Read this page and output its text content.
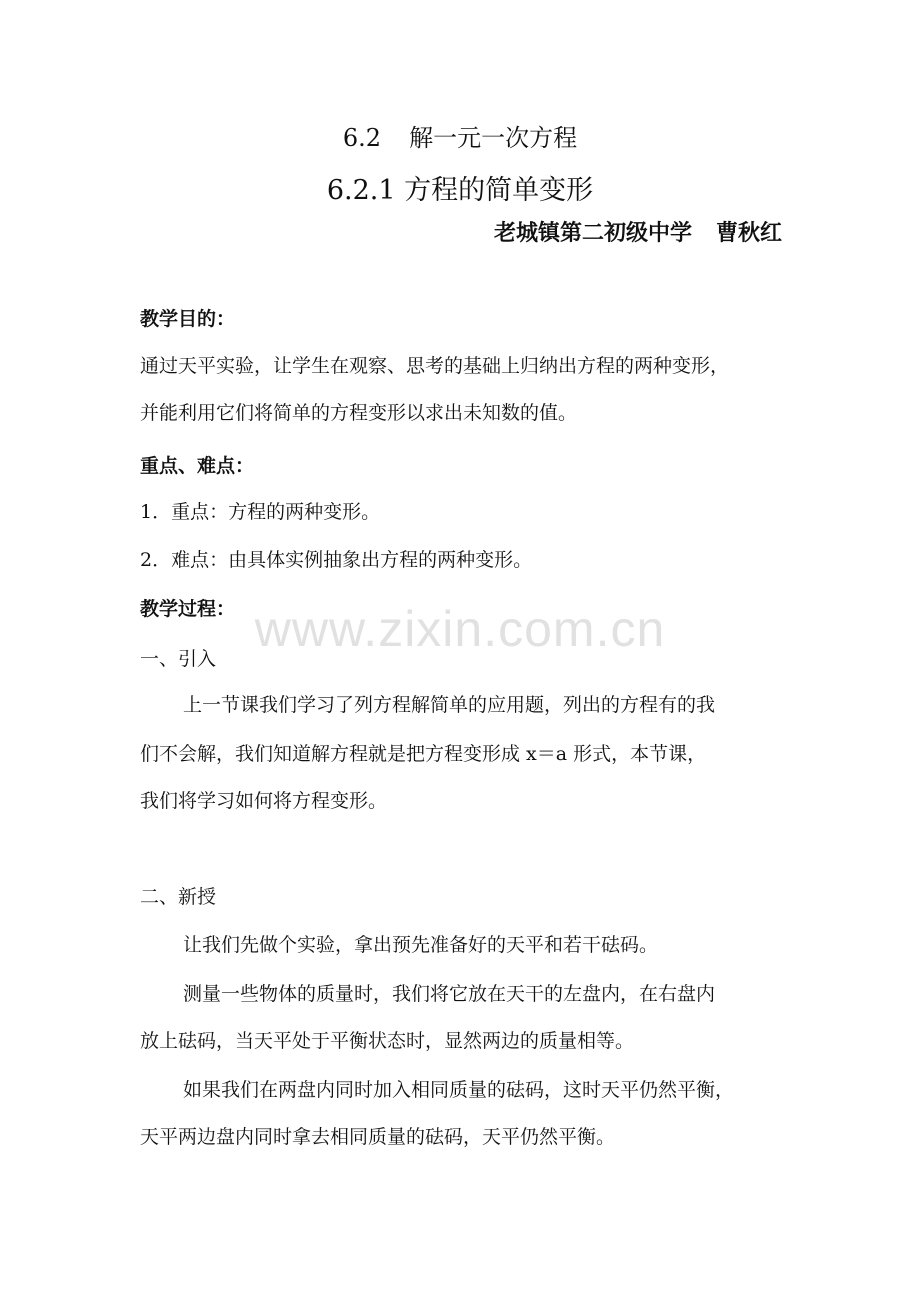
6.2 解一元一次方程
6.2.1 方程的简单变形
老城镇第二初级中学 曹秋红
教学目的：
通过天平实验，让学生在观察、思考的基础上归纳出方程的两种变形，
并能利用它们将简单的方程变形以求出未知数的值。
重点、难点：
1．重点：方程的两种变形。
2．难点：由具体实例抽象出方程的两种变形。
教学过程：
一、引入
上一节课我们学习了列方程解简单的应用题，列出的方程有的我
们不会解，我们知道解方程就是把方程变形成 x＝a 形式，本节课，
我们将学习如何将方程变形。
二、新授
让我们先做个实验，拿出预先准备好的天平和若干砝码。
测量一些物体的质量时，我们将它放在天干的左盘内，在右盘内
放上砝码，当天平处于平衡状态时，显然两边的质量相等。
如果我们在两盘内同时加入相同质量的砝码，这时天平仍然平衡，
天平两边盘内同时拿去相同质量的砝码，天平仍然平衡。
www.zixin.com.cn
